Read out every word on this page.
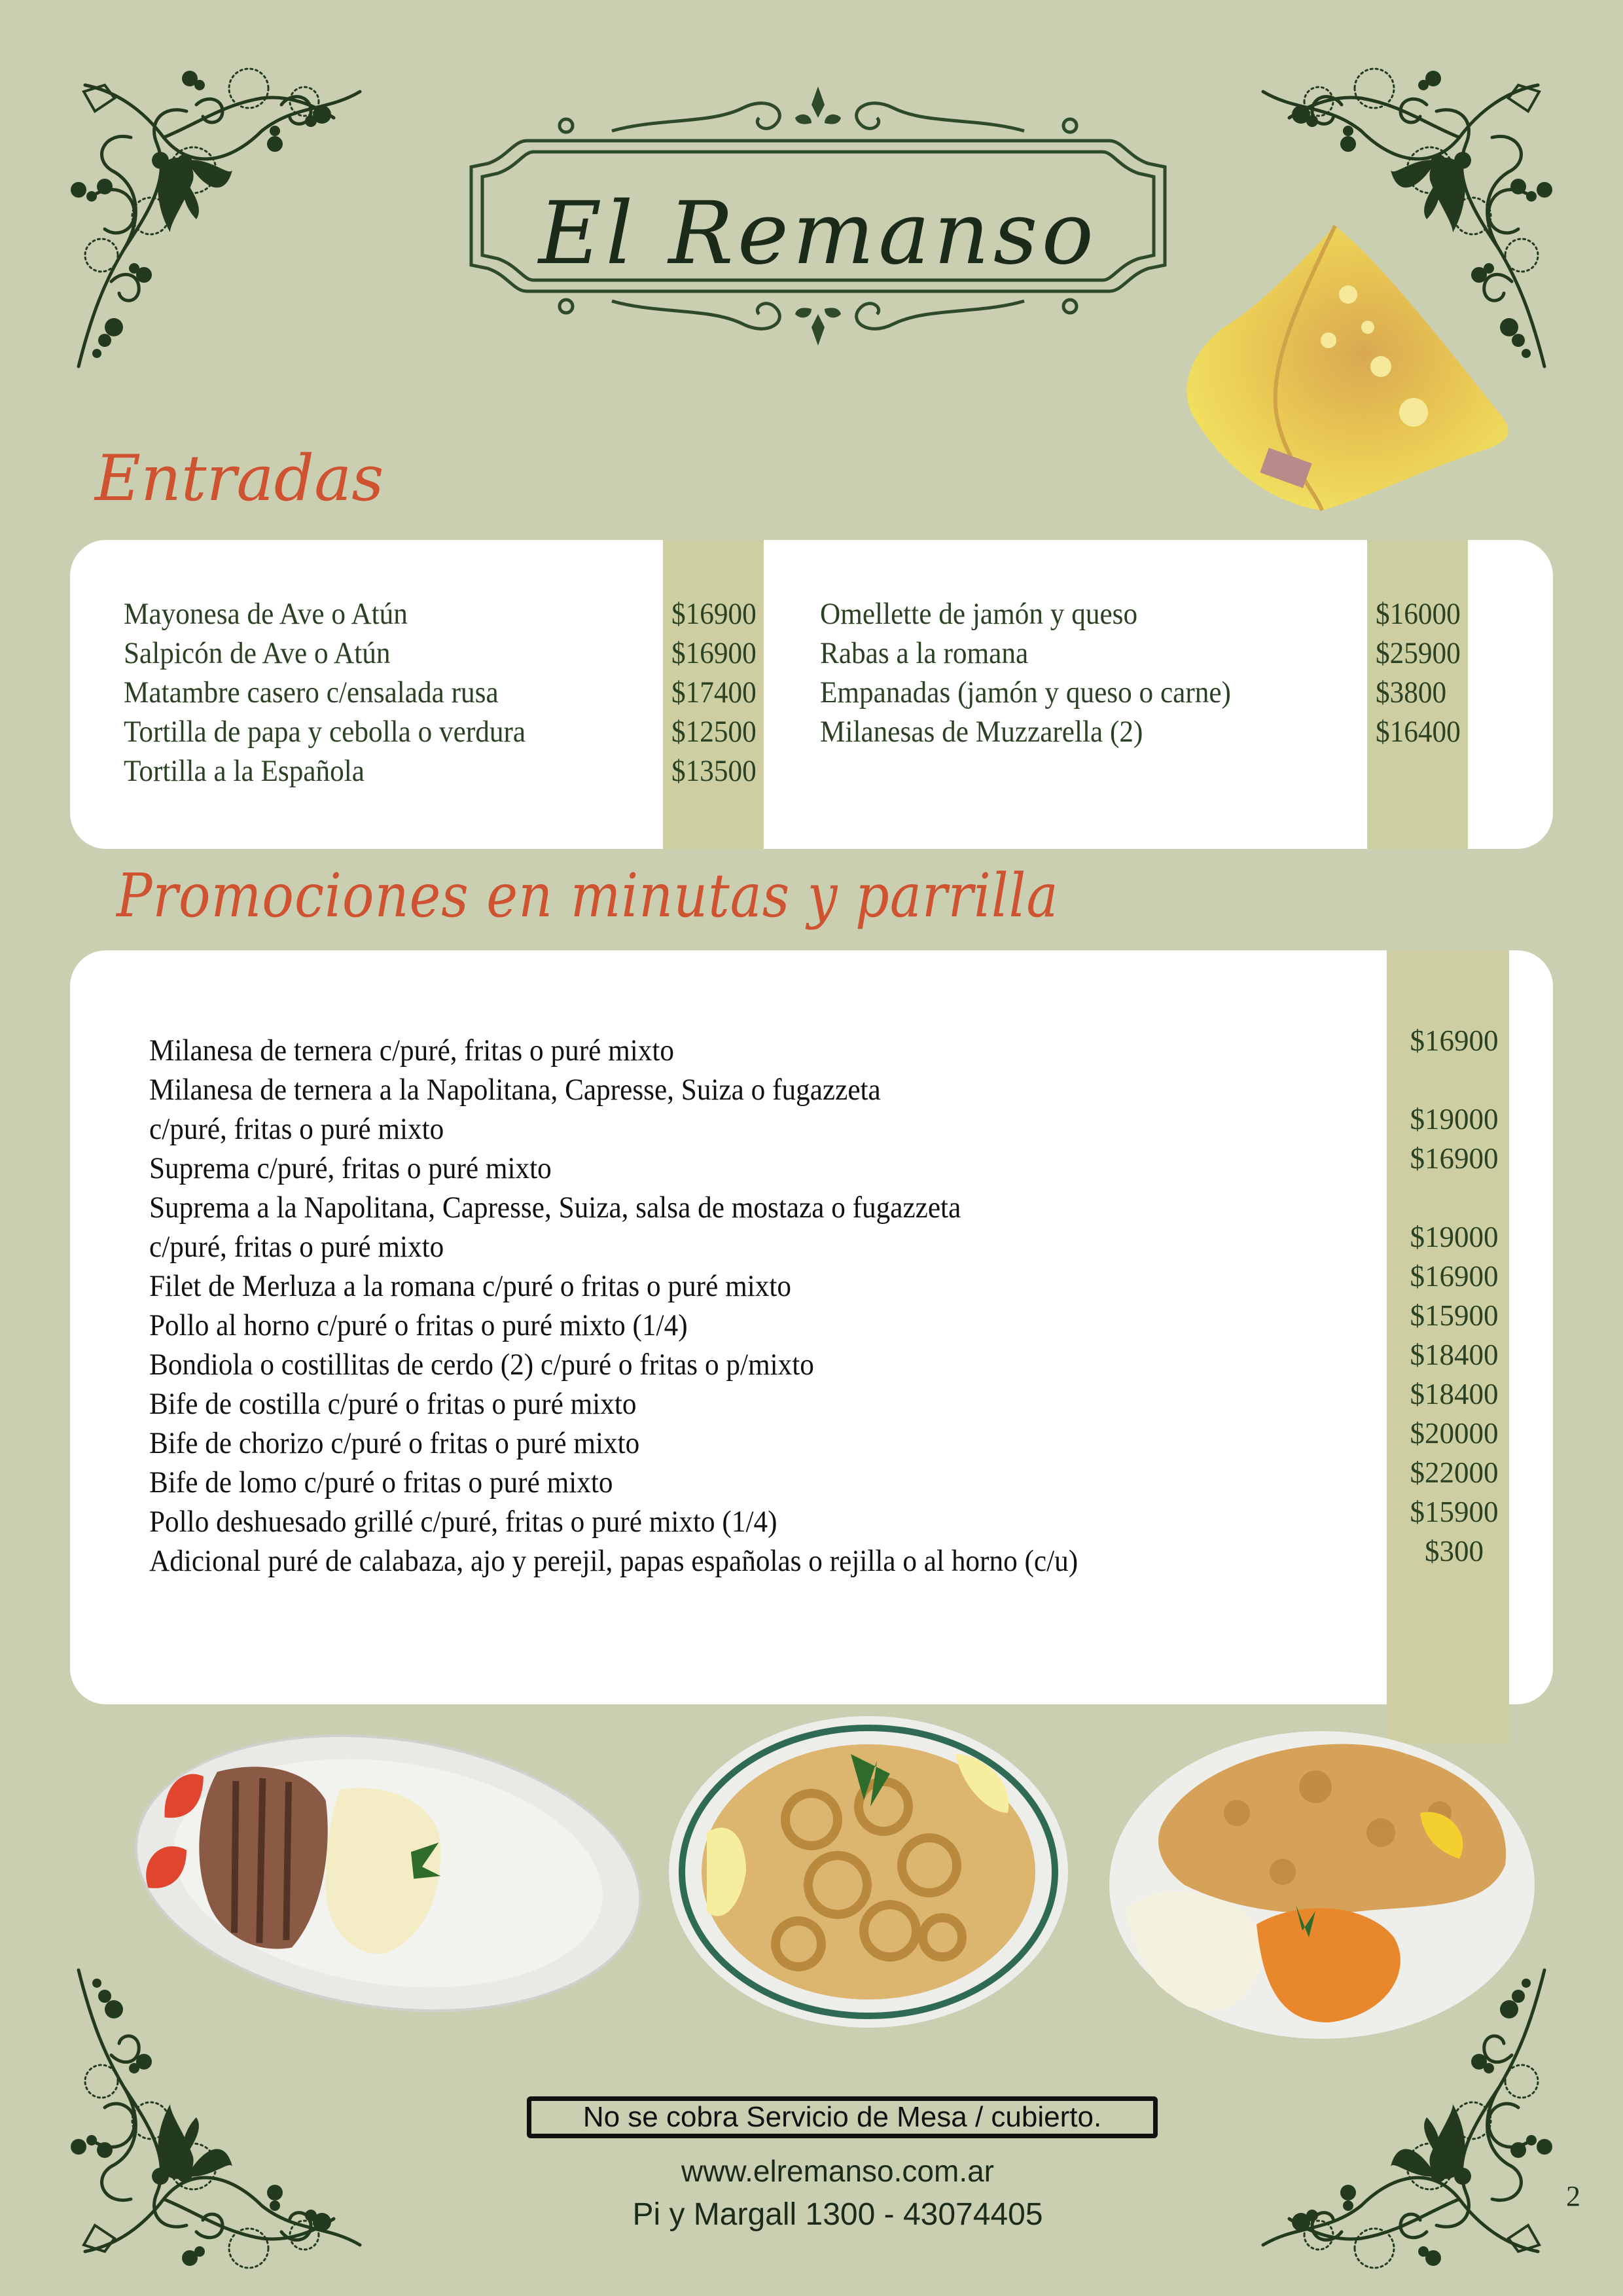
El Remanso
Entradas
Mayonesa de Ave o Atún
Salpicón de Ave o Atún
Matambre casero c/ensalada rusa
Tortilla de papa y cebolla o verdura
Tortilla a la Española
$16900
$16900
$17400
$12500
$13500
Omellette de jamón y queso
Rabas a la romana
Empanadas (jamón y queso o carne)
Milanesas de Muzzarella (2)
$16000
$25900
$3800
$16400
Promociones en minutas y parrilla
Milanesa de ternera c/puré, fritas o puré mixto
Milanesa de ternera a la Napolitana, Capresse, Suiza o fugazzeta
c/puré, fritas o puré mixto
Suprema c/puré, fritas o puré mixto
Suprema a la Napolitana, Capresse, Suiza, salsa de mostaza o fugazzeta
c/puré, fritas o puré mixto
Filet de Merluza a la romana c/puré o fritas o puré mixto
Pollo al horno c/puré o fritas o puré mixto (1/4)
Bondiola o costillitas de cerdo (2) c/puré o fritas o p/mixto
Bife de costilla c/puré o fritas o puré mixto
Bife de chorizo c/puré o fritas o puré mixto
Bife de lomo c/puré o fritas o puré mixto
Pollo deshuesado grillé c/puré, fritas o puré mixto (1/4)
Adicional puré de calabaza, ajo y perejil, papas españolas o rejilla o al horno (c/u)
$16900
$19000
$16900
$19000
$16900
$15900
$18400
$18400
$20000
$22000
$15900
$300
No se cobra Servicio de Mesa / cubierto.
www.elremanso.com.ar
Pi y Margall 1300 - 43074405
2
